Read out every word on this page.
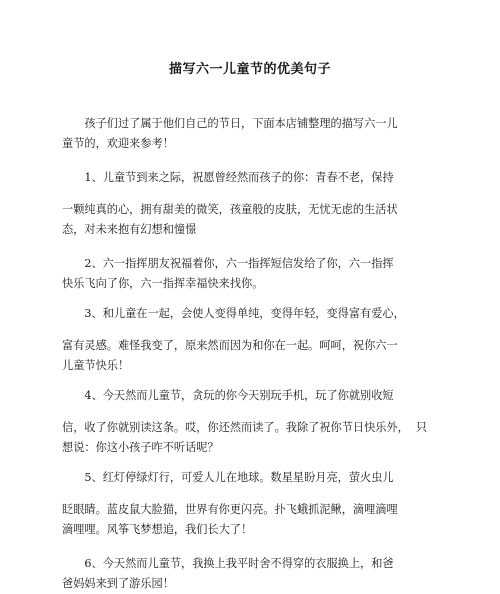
描写六一儿童节的优美句子

孩子们过了属于他们自己的节日，下面本店铺整理的描写六一儿
童节的，欢迎来参考！

1、儿童节到来之际，祝愿曾经然而孩子的你：青春不老，保持
一颗纯真的心，拥有甜美的微笑，孩童般的皮肤，无忧无虑的生活状
态，对未来抱有幻想和憧憬

2、六一指挥朋友祝福着你，六一指挥短信发给了你，六一指挥
快乐飞向了你，六一指挥幸福快来找你。

3、和儿童在一起，会使人变得单纯，变得年轻，变得富有爱心，
富有灵感。难怪我变了，原来然而因为和你在一起。呵呵，祝你六一
儿童节快乐！

4、今天然而儿童节，贪玩的你今天别玩手机，玩了你就别收短
信，收了你就别读这条。哎，你还然而读了。我除了祝你节日快乐外，  只
想说：你这小孩子咋不听话呢？

5、红灯停绿灯行，可爱人儿在地球。数星星盼月亮，萤火虫儿
眨眼睛。蓝皮鼠大脸猫，世界有你更闪亮。扑飞蛾抓泥鳅，滴哩滴哩
滴哩哩。风筝飞梦想追，我们长大了！

6、今天然而儿童节，我换上我平时舍不得穿的衣服换上，和爸
爸妈妈来到了游乐园！
